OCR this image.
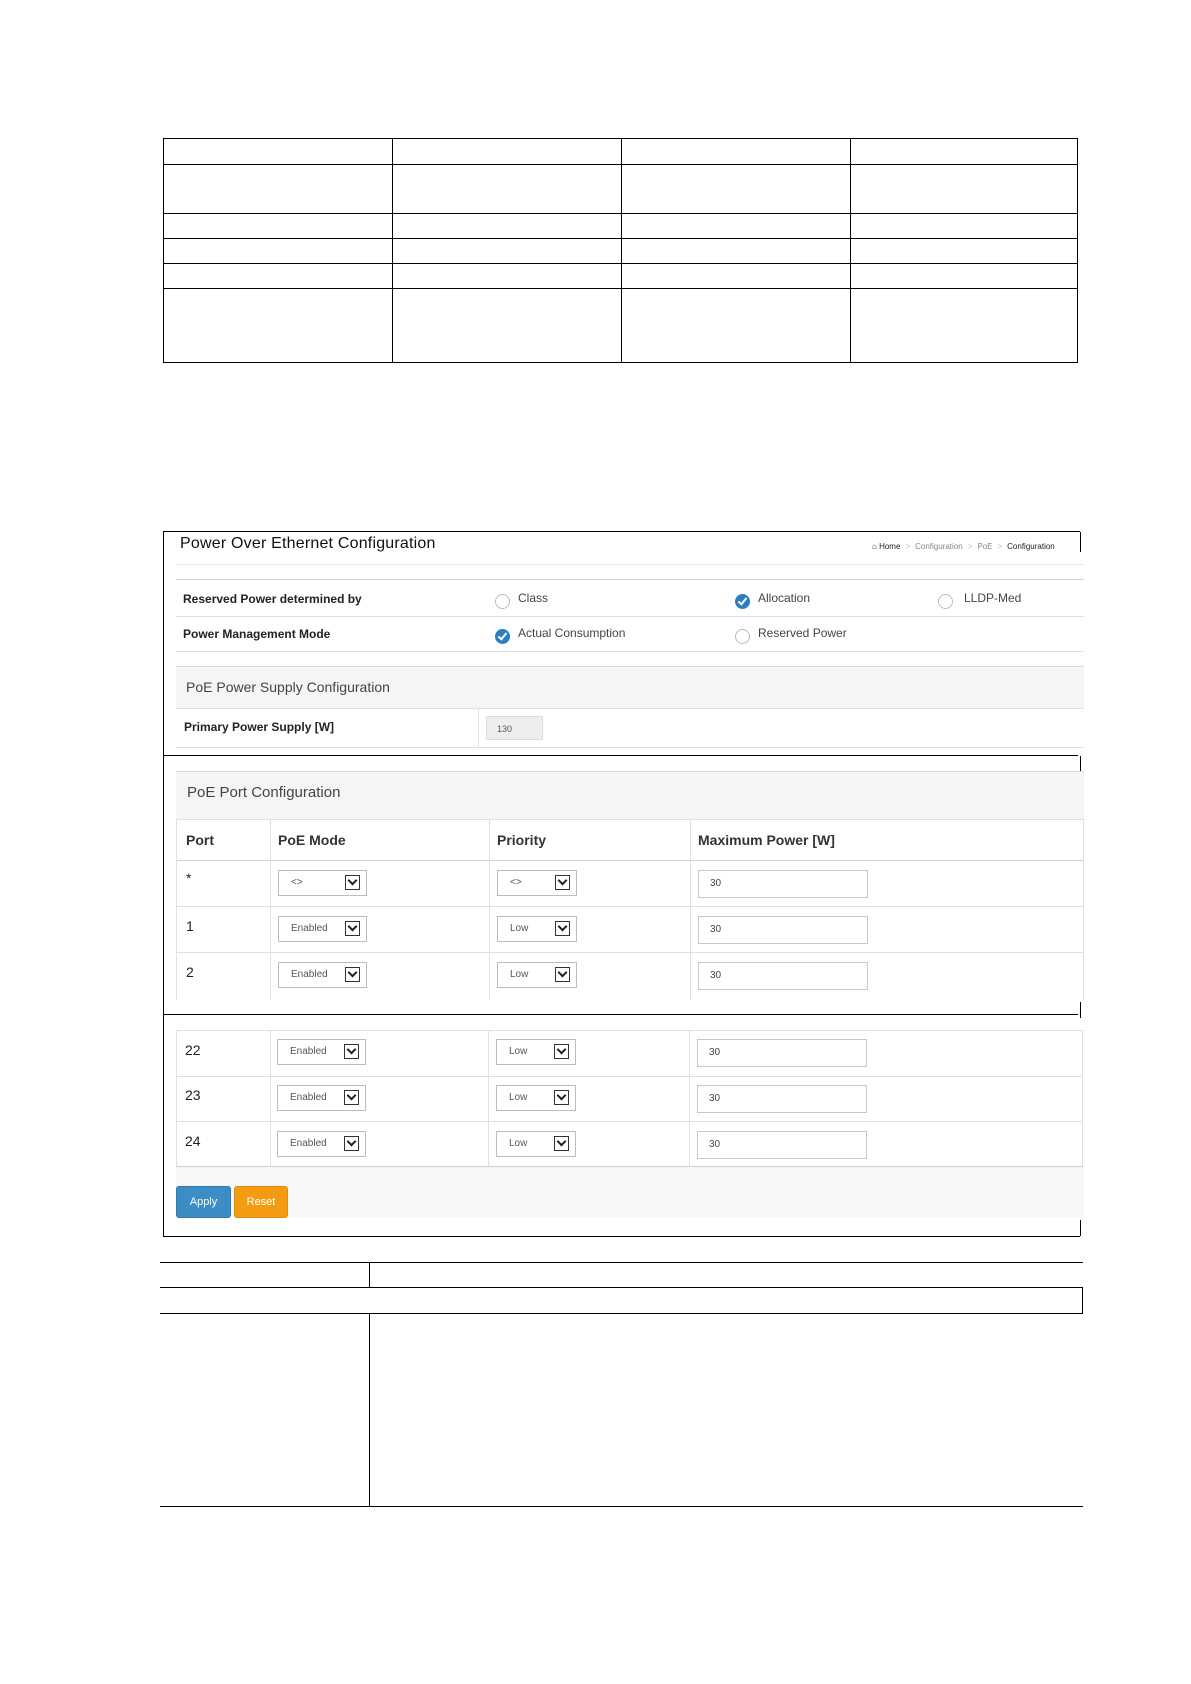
Power Over Ethernet Configuration	⌂ Home > Configuration > PoE > Configuration
Reserved Power determined by	Class	Allocation	LLDP-Med
Power Management Mode	Actual Consumption	Reserved Power
PoE Power Supply Configuration
Primary Power Supply [W]	130
PoE Port Configuration
Port	PoE Mode	Priority	Maximum Power [W]
*	<>	<>	30
1	Enabled	Low	30
2	Enabled	Low	30
22	Enabled	Low	30
23	Enabled	Low	30
24	Enabled	Low	30
Apply	Reset
